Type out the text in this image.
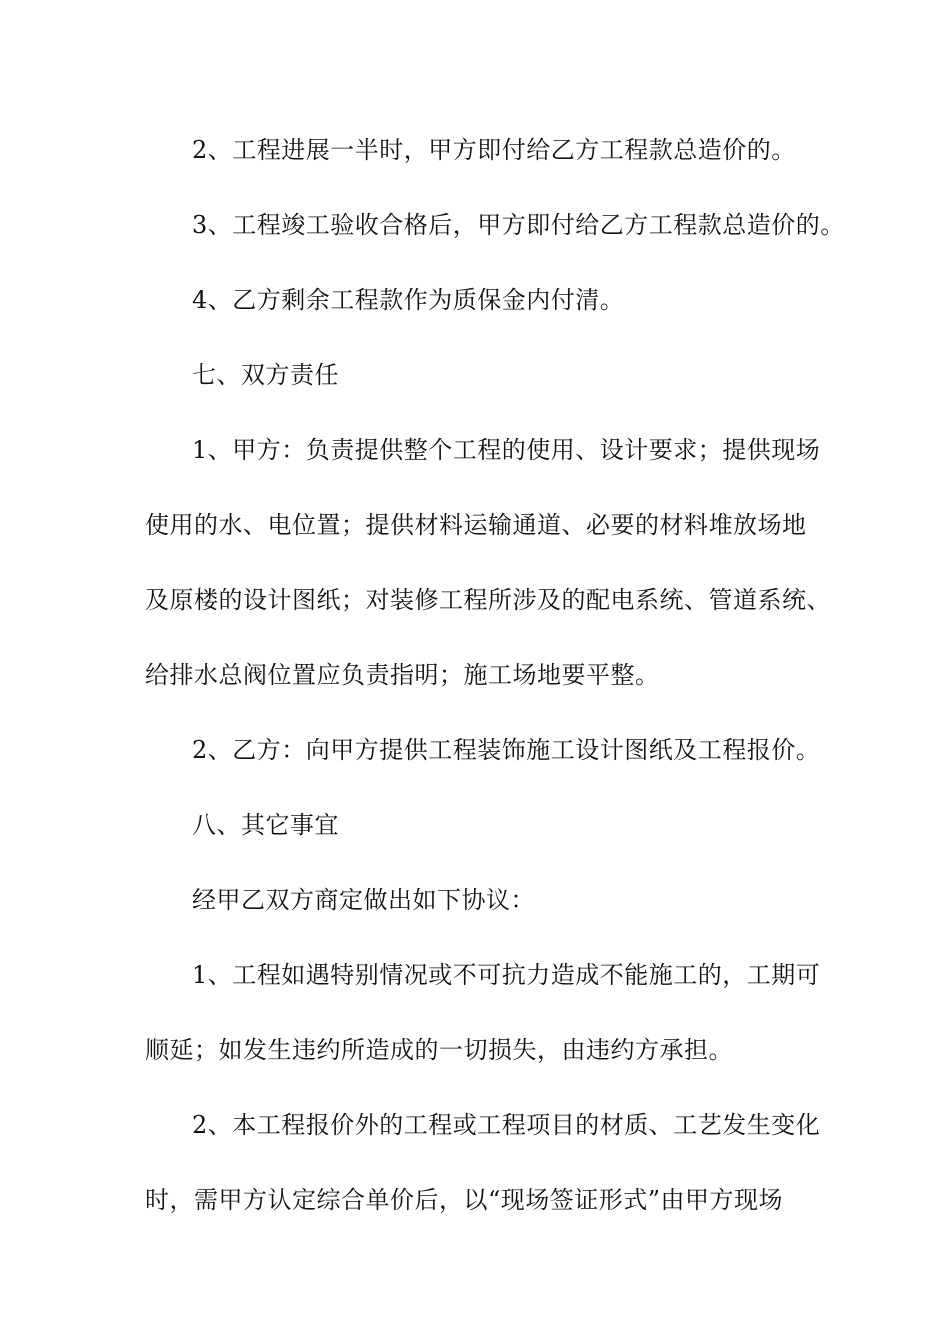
2、工程进展一半时，甲方即付给乙方工程款总造价的。

3、工程竣工验收合格后，甲方即付给乙方工程款总造价的。

4、乙方剩余工程款作为质保金内付清。

七、双方责任

1、甲方：负责提供整个工程的使用、设计要求；提供现场

使用的水、电位置；提供材料运输通道、必要的材料堆放场地

及原楼的设计图纸；对装修工程所涉及的配电系统、管道系统、

给排水总阀位置应负责指明；施工场地要平整。

2、乙方：向甲方提供工程装饰施工设计图纸及工程报价。

八、其它事宜

经甲乙双方商定做出如下协议：

1、工程如遇特别情况或不可抗力造成不能施工的，工期可

顺延；如发生违约所造成的一切损失，由违约方承担。

2、本工程报价外的工程或工程项目的材质、工艺发生变化

时，需甲方认定综合单价后，以“现场签证形式”由甲方现场
